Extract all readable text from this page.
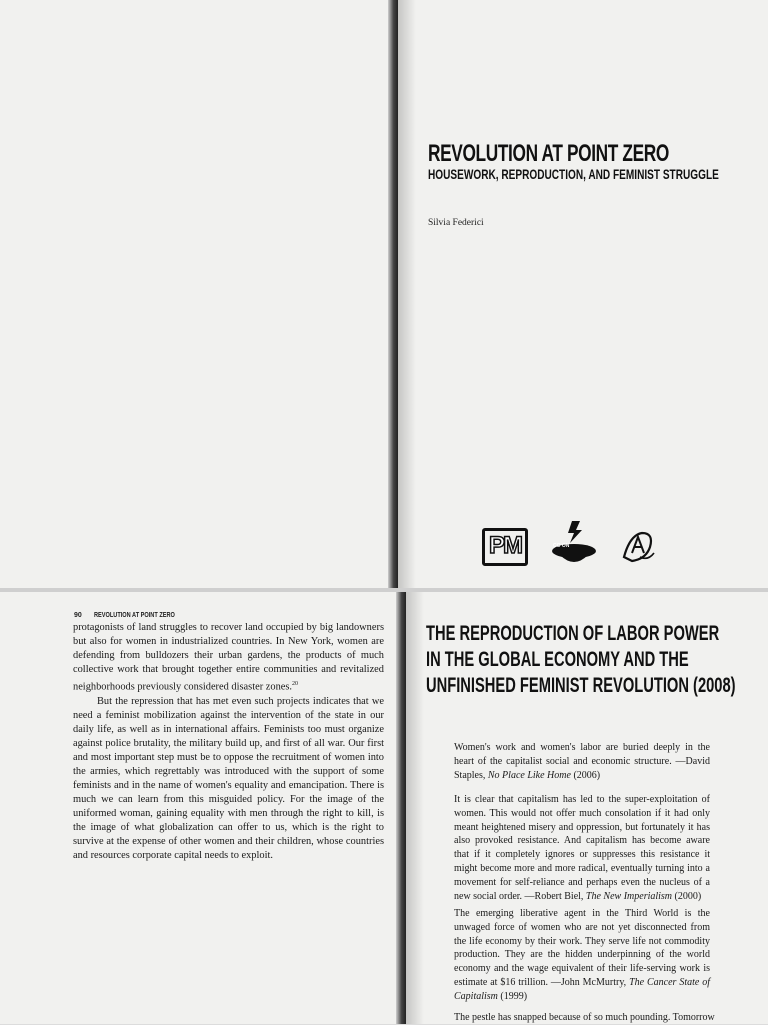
REVOLUTION AT POINT ZERO
HOUSEWORK, REPRODUCTION, AND FEMINIST STRUGGLE
Silvia Federici
PM	CO ON
90 REVOLUTION AT POINT ZERO

protagonists of land struggles to recover land occupied by big landowners but also for women in industrialized countries. In New York, women are defending from bulldozers their urban gardens, the products of much collective work that brought together entire communities and revitalized neighborhoods previously considered disaster zones.$^{20}$

But the repression that has met even such projects indicates that we need a feminist mobilization against the intervention of the state in our daily life, as well as in international affairs. Feminists too must organize against police brutality, the military build up, and first of all war. Our first and most important step must be to oppose the recruitment of women into the armies, which regrettably was introduced with the support of some feminists and in the name of women's equality and emancipation. There is much we can learn from this misguided policy. For the image of the uniformed woman, gaining equality with men through the right to kill, is the image of what globalization can offer to us, which is the right to survive at the expense of other women and their children, whose countries and resources corporate capital needs to exploit.

THE REPRODUCTION OF LABOR POWER
IN THE GLOBAL ECONOMY AND THE
UNFINISHED FEMINIST REVOLUTION (2008)

Women's work and women's labor are buried deeply in the heart of the capitalist social and economic structure. —David Staples, No Place Like Home (2006)

It is clear that capitalism has led to the super-exploitation of women. This would not offer much consolation if it had only meant heightened misery and oppression, but fortunately it has also provoked resistance. And capitalism has become aware that if it completely ignores or suppresses this resistance it might become more and more radical, eventually turning into a movement for self-reliance and perhaps even the nucleus of a new social order. —Robert Biel, The New Imperialism (2000)

The emerging liberative agent in the Third World is the unwaged force of women who are not yet disconnected from the life economy by their work. They serve life not commodity production. They are the hidden underpinning of the world economy and the wage equivalent of their life-serving work is estimate at $16 trillion. —John McMurtry, The Cancer State of Capitalism (1999)

The pestle has snapped because of so much pounding. Tomorrow
